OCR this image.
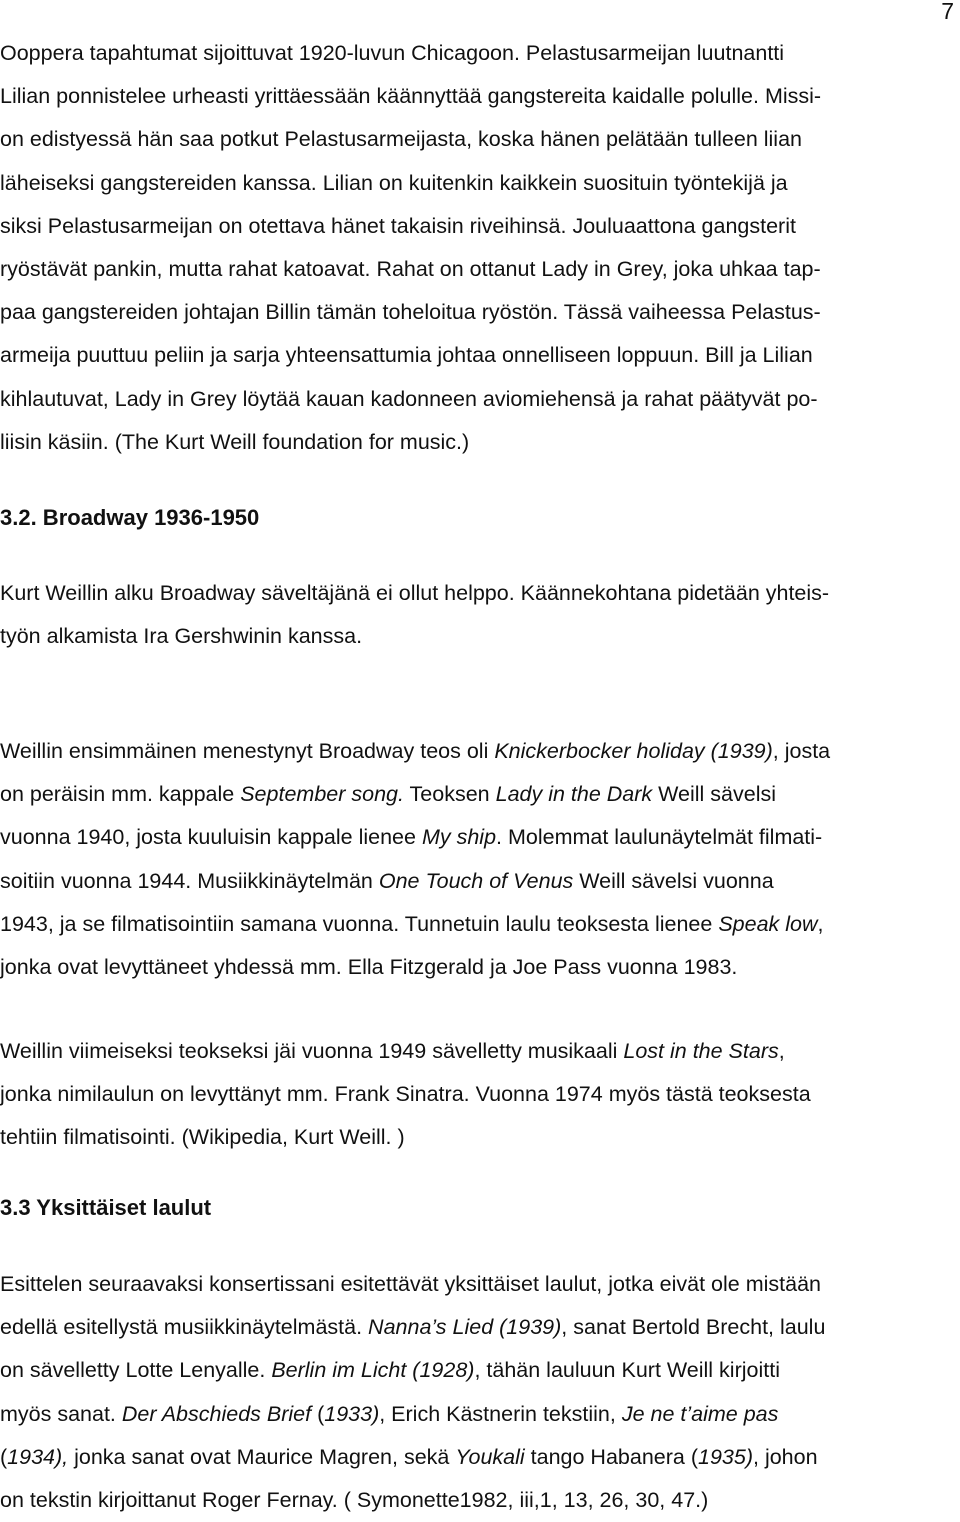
7
Ooppera tapahtumat sijoittuvat 1920-luvun Chicagoon. Pelastusarmeijan luutnantti
Lilian ponnistelee urheasti yrittäessään käännyttää gangstereita kaidalle polulle. Missi-
on edistyessä hän saa potkut Pelastusarmeijasta, koska hänen pelätään tulleen liian
läheiseksi gangstereiden kanssa. Lilian on kuitenkin kaikkein suosituin työntekijä ja
siksi Pelastusarmeijan on otettava hänet takaisin riveihinsä. Jouluaattona gangsterit
ryöstävät pankin, mutta rahat katoavat. Rahat on ottanut Lady in Grey, joka uhkaa tap-
paa gangstereiden johtajan Billin tämän toheloitua ryöstön. Tässä vaiheessa Pelastus-
armeija puuttuu peliin ja sarja yhteensattumia johtaa onnelliseen loppuun. Bill ja Lilian
kihlautuvat, Lady in Grey löytää kauan kadonneen aviomiehensä ja rahat päätyvät po-
liisin käsiin. (The Kurt Weill foundation for music.)
3.2. Broadway 1936-1950
Kurt Weillin alku Broadway säveltäjänä ei ollut helppo. Käännekohtana pidetään yhteis-
työn alkamista Ira Gershwinin kanssa.
Weillin ensimmäinen menestynyt Broadway teos oli Knickerbocker holiday (1939), josta
on peräisin mm. kappale September song. Teoksen Lady in the Dark Weill sävelsi
vuonna 1940, josta kuuluisin kappale lienee My ship. Molemmat laulunäytelmät filmati-
soitiin vuonna 1944. Musiikkinäytelmän One Touch of Venus Weill sävelsi vuonna
1943, ja se filmatisointiin samana vuonna. Tunnetuin laulu teoksesta lienee Speak low,
jonka ovat levyttäneet yhdessä mm. Ella Fitzgerald ja Joe Pass vuonna 1983.
Weillin viimeiseksi teokseksi jäi vuonna 1949 sävelletty musikaali Lost in the Stars,
jonka nimilaulun on levyttänyt mm. Frank Sinatra. Vuonna 1974 myös tästä teoksesta
tehtiin filmatisointi. (Wikipedia, Kurt Weill. )
3.3 Yksittäiset laulut
Esittelen seuraavaksi konsertissani esitettävät yksittäiset laulut, jotka eivät ole mistään
edellä esitellystä musiikkinäytelmästä. Nanna’s Lied (1939), sanat Bertold Brecht, laulu
on sävelletty Lotte Lenyalle. Berlin im Licht (1928), tähän lauluun Kurt Weill kirjoitti
myös sanat. Der Abschieds Brief (1933), Erich Kästnerin tekstiin, Je ne t’aime pas
(1934), jonka sanat ovat Maurice Magren, sekä Youkali tango Habanera (1935), johon
on tekstin kirjoittanut Roger Fernay. ( Symonette1982, iii,1, 13, 26, 30, 47.)
